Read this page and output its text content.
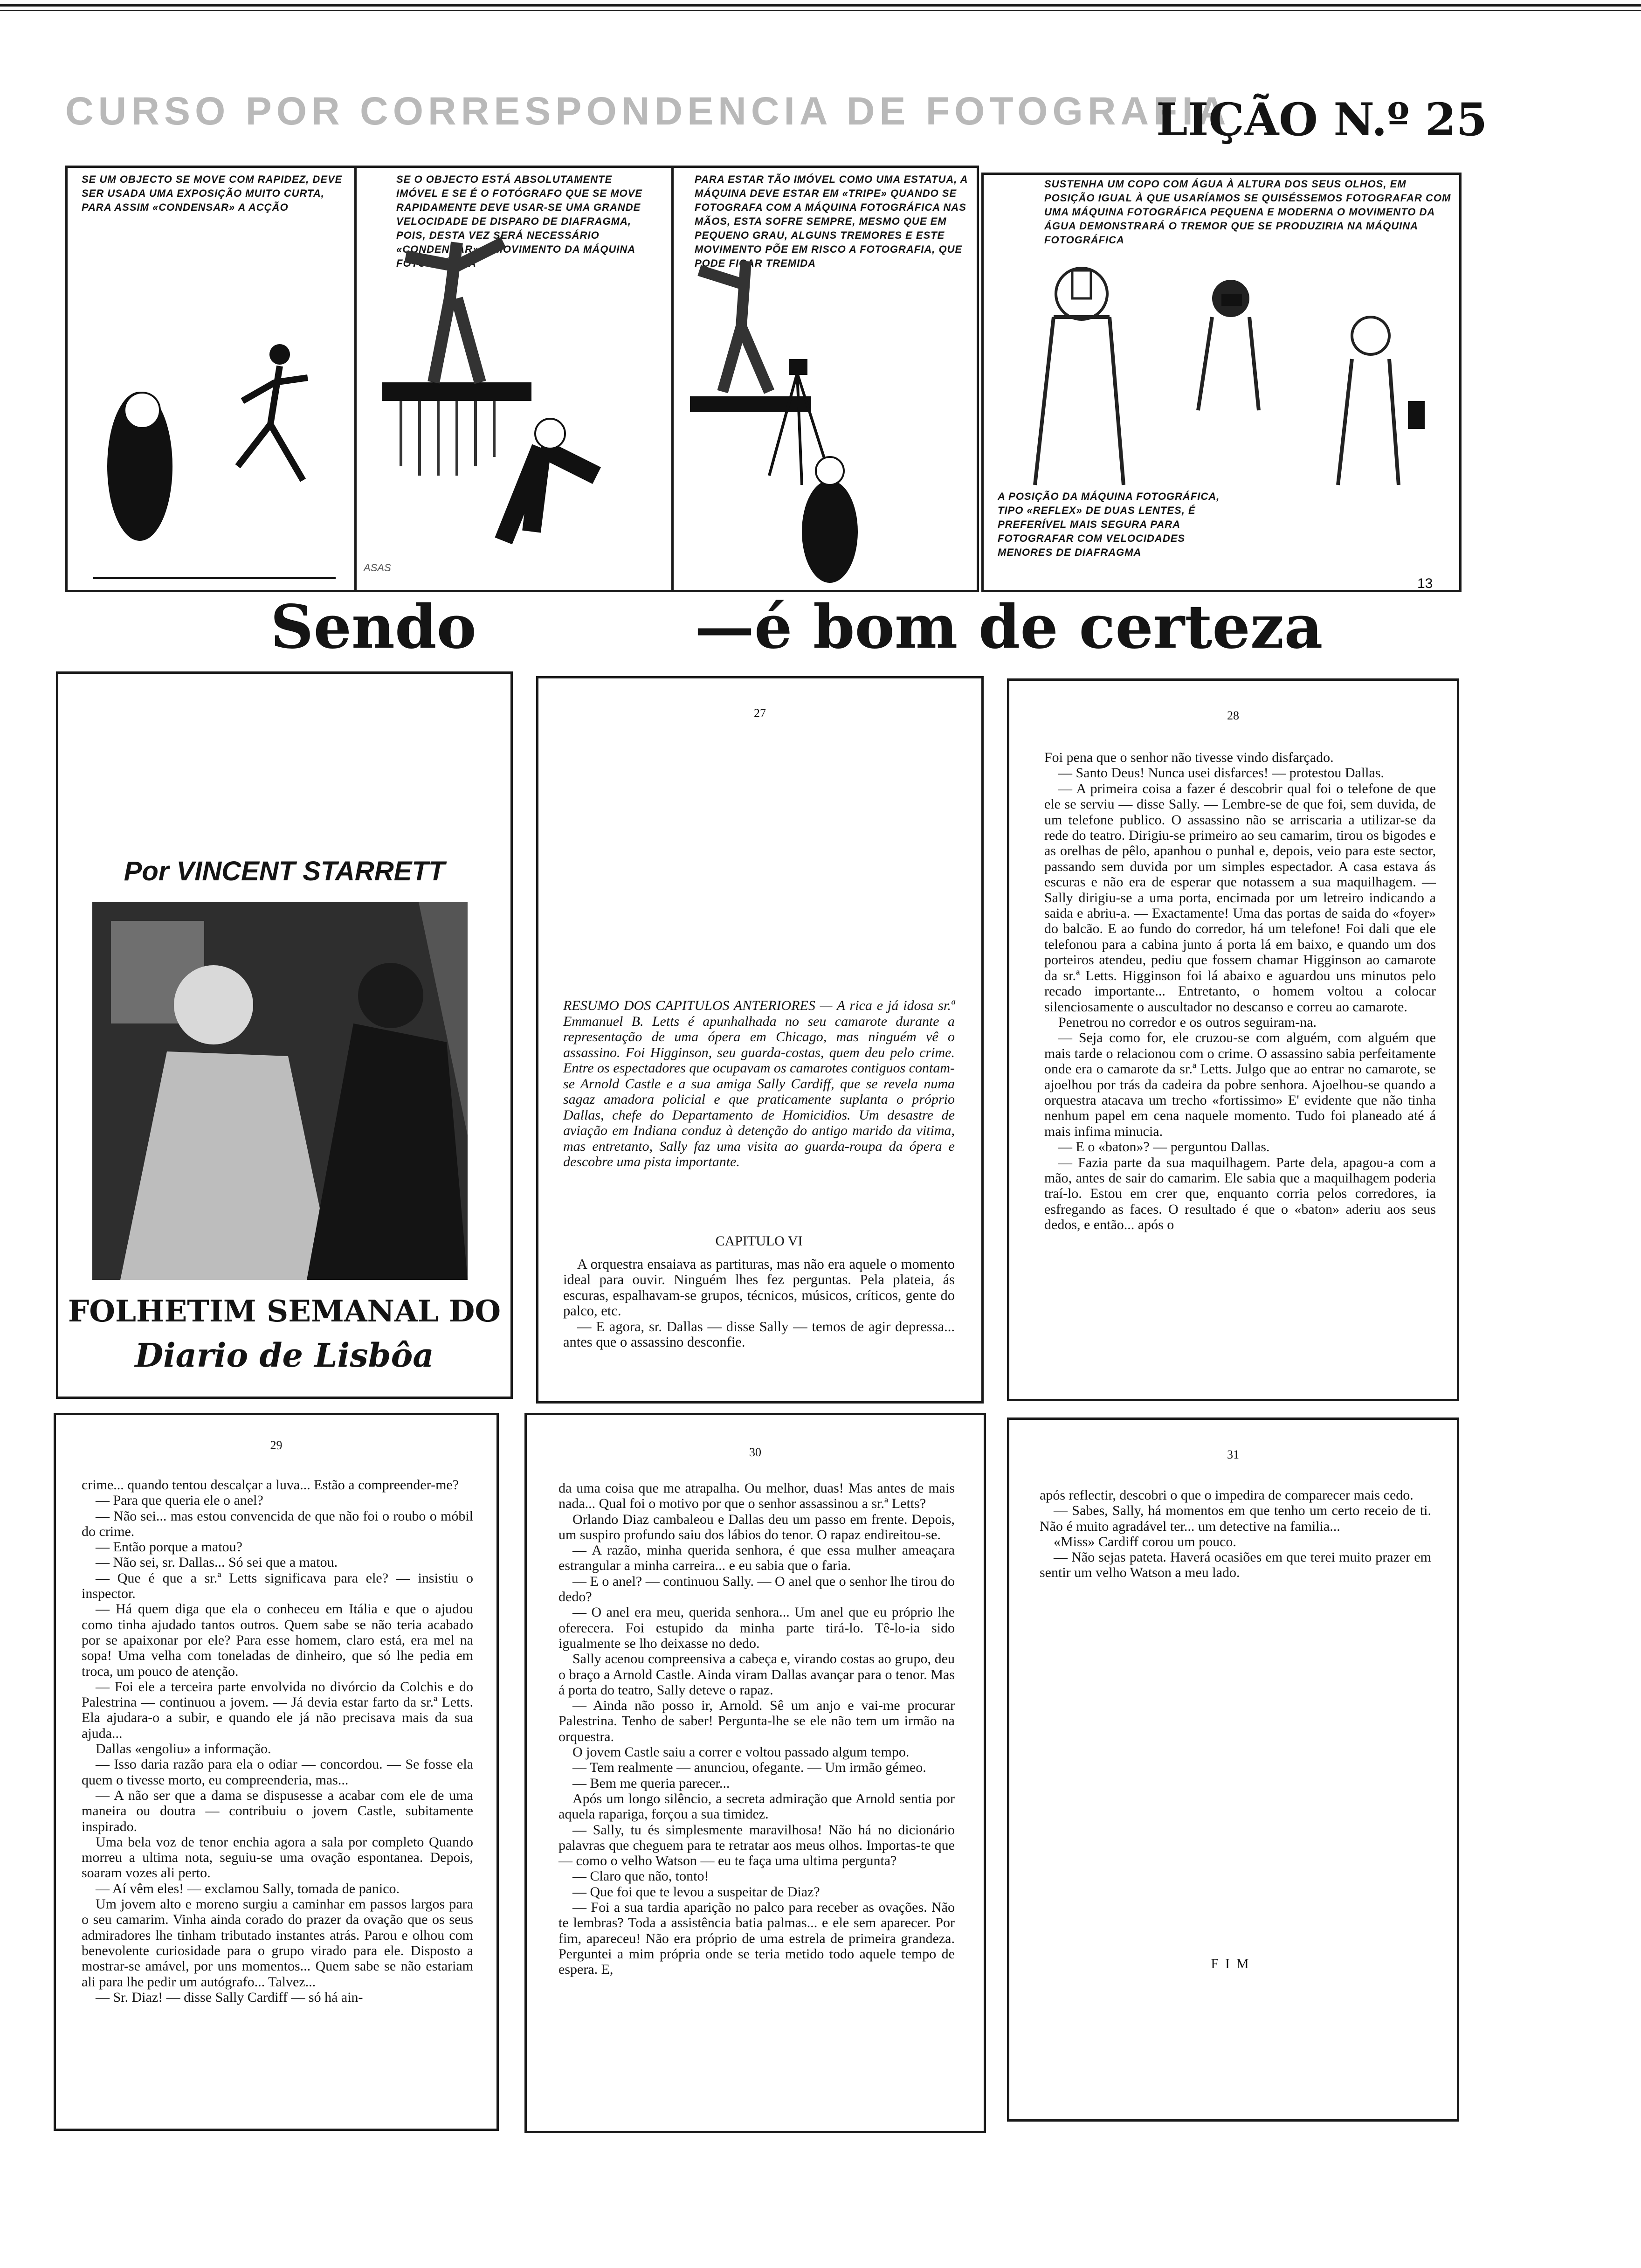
CURSO POR CORRESPONDENCIA DE FOTOGRAFIA
LIÇÃO N.º 25
SE UM OBJECTO SE MOVE COM RAPIDEZ, DEVE SER USADA UMA EXPOSIÇÃO MUITO CURTA, PARA ASSIM «CONDENSAR» A ACÇÃO
SE O OBJECTO ESTÁ ABSOLUTAMENTE IMÓVEL E SE É O FOTÓGRAFO QUE SE MOVE RAPIDAMENTE DEVE USAR-SE UMA GRANDE VELOCIDADE DE DISPARO DE DIAFRAGMA, POIS, DESTA VEZ SERÁ NECESSÁRIO «CONDENSAR» O MOVIMENTO DA MÁQUINA FOTOGRÁFICA
PARA ESTAR TÃO IMÓVEL COMO UMA ESTATUA, A MÁQUINA DEVE ESTAR EM «TRIPE» QUANDO SE FOTOGRAFA COM A MÁQUINA FOTOGRÁFICA NAS MÃOS, ESTA SOFRE SEMPRE, MESMO QUE EM PEQUENO GRAU, ALGUNS TREMORES E ESTE MOVIMENTO PÕE EM RISCO A FOTOGRAFIA, QUE PODE FICAR TREMIDA
SUSTENHA UM COPO COM ÁGUA À ALTURA DOS SEUS OLHOS, EM POSIÇÃO IGUAL À QUE USARÍAMOS SE QUISÉSSEMOS FOTOGRAFAR COM UMA MÁQUINA FOTOGRÁFICA PEQUENA E MODERNA O MOVIMENTO DA ÁGUA DEMONSTRARÁ O TREMOR QUE SE PRODUZIRIA NA MÁQUINA FOTOGRÁFICA
A POSIÇÃO DA MÁQUINA FOTOGRÁFICA, TIPO «REFLEX» DE DUAS LENTES, É PREFERÍVEL MAIS SEGURA PARA FOTOGRAFAR COM VELOCIDADES MENORES DE DIAFRAGMA
13
ASAS
Sendo	—é bom de certeza
Por VINCENT STARRETT
FOLHETIM SEMANAL DO
Diario de Lisbôa
27
RESUMO DOS CAPITULOS ANTERIORES — A rica e já idosa sr.ª Emmanuel B. Letts é apunhalhada no seu camarote durante a representação de uma ópera em Chicago, mas ninguém vê o assassino. Foi Higginson, seu guarda-costas, quem deu pelo crime. Entre os espectadores que ocupavam os camarotes contiguos contam-se Arnold Castle e a sua amiga Sally Cardiff, que se revela numa sagaz amadora policial e que praticamente suplanta o próprio Dallas, chefe do Departamento de Homicidios. Um desastre de aviação em Indiana conduz à detenção do antigo marido da vitima, mas entretanto, Sally faz uma visita ao guarda-roupa da ópera e descobre uma pista importante.
CAPITULO VI

A orquestra ensaiava as partituras, mas não era aquele o momento ideal para ouvir. Ninguém lhes fez perguntas. Pela plateia, ás escuras, espalhavam-se grupos, técnicos, músicos, críticos, gente do palco, etc.

— E agora, sr. Dallas — disse Sally — temos de agir depressa... antes que o assassino desconfie.

28

Foi pena que o senhor não tivesse vindo disfarçado.

— Santo Deus! Nunca usei disfarces! — protestou Dallas.

— A primeira coisa a fazer é descobrir qual foi o telefone de que ele se serviu — disse Sally. — Lembre-se de que foi, sem duvida, de um telefone publico. O assassino não se arriscaria a utilizar-se da rede do teatro. Dirigiu-se primeiro ao seu camarim, tirou os bigodes e as orelhas de pêlo, apanhou o punhal e, depois, veio para este sector, passando sem duvida por um simples espectador. A casa estava ás escuras e não era de esperar que notassem a sua maquilhagem. — Sally dirigiu-se a uma porta, encimada por um letreiro indicando a saida e abriu-a. — Exactamente! Uma das portas de saida do «foyer» do balcão. E ao fundo do corredor, há um telefone! Foi dali que ele telefonou para a cabina junto á porta lá em baixo, e quando um dos porteiros atendeu, pediu que fossem chamar Higginson ao camarote da sr.ª Letts. Higginson foi lá abaixo e aguardou uns minutos pelo recado importante... Entretanto, o homem voltou a colocar silenciosamente o auscultador no descanso e correu ao camarote.

Penetrou no corredor e os outros seguiram-na.

— Seja como for, ele cruzou-se com alguém, com alguém que mais tarde o relacionou com o crime. O assassino sabia perfeitamente onde era o camarote da sr.ª Letts. Julgo que ao entrar no camarote, se ajoelhou por trás da cadeira da pobre senhora. Ajoelhou-se quando a orquestra atacava um trecho «fortissimo» E' evidente que não tinha nenhum papel em cena naquele momento. Tudo foi planeado até á mais infima minucia.

— E o «baton»? — perguntou Dallas.

— Fazia parte da sua maquilhagem. Parte dela, apagou-a com a mão, antes de sair do camarim. Ele sabia que a maquilhagem poderia traí-lo. Estou em crer que, enquanto corria pelos corredores, ia esfregando as faces. O resultado é que o «baton» aderiu aos seus dedos, e então... após o

29

crime... quando tentou descalçar a luva... Estão a compreender-me?

— Para que queria ele o anel?

— Não sei... mas estou convencida de que não foi o roubo o móbil do crime.

— Então porque a matou?

— Não sei, sr. Dallas... Só sei que a matou.

— Que é que a sr.ª Letts significava para ele? — insistiu o inspector.

— Há quem diga que ela o conheceu em Itália e que o ajudou como tinha ajudado tantos outros. Quem sabe se não teria acabado por se apaixonar por ele? Para esse homem, claro está, era mel na sopa! Uma velha com toneladas de dinheiro, que só lhe pedia em troca, um pouco de atenção.

— Foi ele a terceira parte envolvida no divórcio da Colchis e do Palestrina — continuou a jovem. — Já devia estar farto da sr.ª Letts. Ela ajudara-o a subir, e quando ele já não precisava mais da sua ajuda...

Dallas «engoliu» a informação.

— Isso daria razão para ela o odiar — concordou. — Se fosse ela quem o tivesse morto, eu compreenderia, mas...

— A não ser que a dama se dispusesse a acabar com ele de uma maneira ou doutra — contribuiu o jovem Castle, subitamente inspirado.

Uma bela voz de tenor enchia agora a sala por completo Quando morreu a ultima nota, seguiu-se uma ovação espontanea. Depois, soaram vozes ali perto.

— Aí vêm eles! — exclamou Sally, tomada de panico.

Um jovem alto e moreno surgiu a caminhar em passos largos para o seu camarim. Vinha ainda corado do prazer da ovação que os seus admiradores lhe tinham tributado instantes atrás. Parou e olhou com benevolente curiosidade para o grupo virado para ele. Disposto a mostrar-se amável, por uns momentos... Quem sabe se não estariam ali para lhe pedir um autógrafo... Talvez...

— Sr. Diaz! — disse Sally Cardiff — só há ain-

30

da uma coisa que me atrapalha. Ou melhor, duas! Mas antes de mais nada... Qual foi o motivo por que o senhor assassinou a sr.ª Letts?

Orlando Diaz cambaleou e Dallas deu um passo em frente. Depois, um suspiro profundo saiu dos lábios do tenor. O rapaz endireitou-se.

— A razão, minha querida senhora, é que essa mulher ameaçara estrangular a minha carreira... e eu sabia que o faria.

— E o anel? — continuou Sally. — O anel que o senhor lhe tirou do dedo?

— O anel era meu, querida senhora... Um anel que eu próprio lhe oferecera. Foi estupido da minha parte tirá-lo. Tê-lo-ia sido igualmente se lho deixasse no dedo.

Sally acenou compreensiva a cabeça e, virando costas ao grupo, deu o braço a Arnold Castle. Ainda viram Dallas avançar para o tenor. Mas á porta do teatro, Sally deteve o rapaz.

— Ainda não posso ir, Arnold. Sê um anjo e vai-me procurar Palestrina. Tenho de saber! Pergunta-lhe se ele não tem um irmão na orquestra.

O jovem Castle saiu a correr e voltou passado algum tempo.

— Tem realmente — anunciou, ofegante. — Um irmão gémeo.

— Bem me queria parecer...

Após um longo silêncio, a secreta admiração que Arnold sentia por aquela rapariga, forçou a sua timidez.

— Sally, tu és simplesmente maravilhosa! Não há no dicionário palavras que cheguem para te retratar aos meus olhos. Importas-te que — como o velho Watson — eu te faça uma ultima pergunta?

— Claro que não, tonto!

— Que foi que te levou a suspeitar de Diaz?

— Foi a sua tardia aparição no palco para receber as ovações. Não te lembras? Toda a assistência batia palmas... e ele sem aparecer. Por fim, apareceu! Não era próprio de uma estrela de primeira grandeza. Perguntei a mim própria onde se teria metido todo aquele tempo de espera. E,

31

após reflectir, descobri o que o impedira de comparecer mais cedo.

— Sabes, Sally, há momentos em que tenho um certo receio de ti. Não é muito agradável ter... um detective na familia...

«Miss» Cardiff corou um pouco.

— Não sejas pateta. Haverá ocasiões em que terei muito prazer em sentir um velho Watson a meu lado.

FIM
